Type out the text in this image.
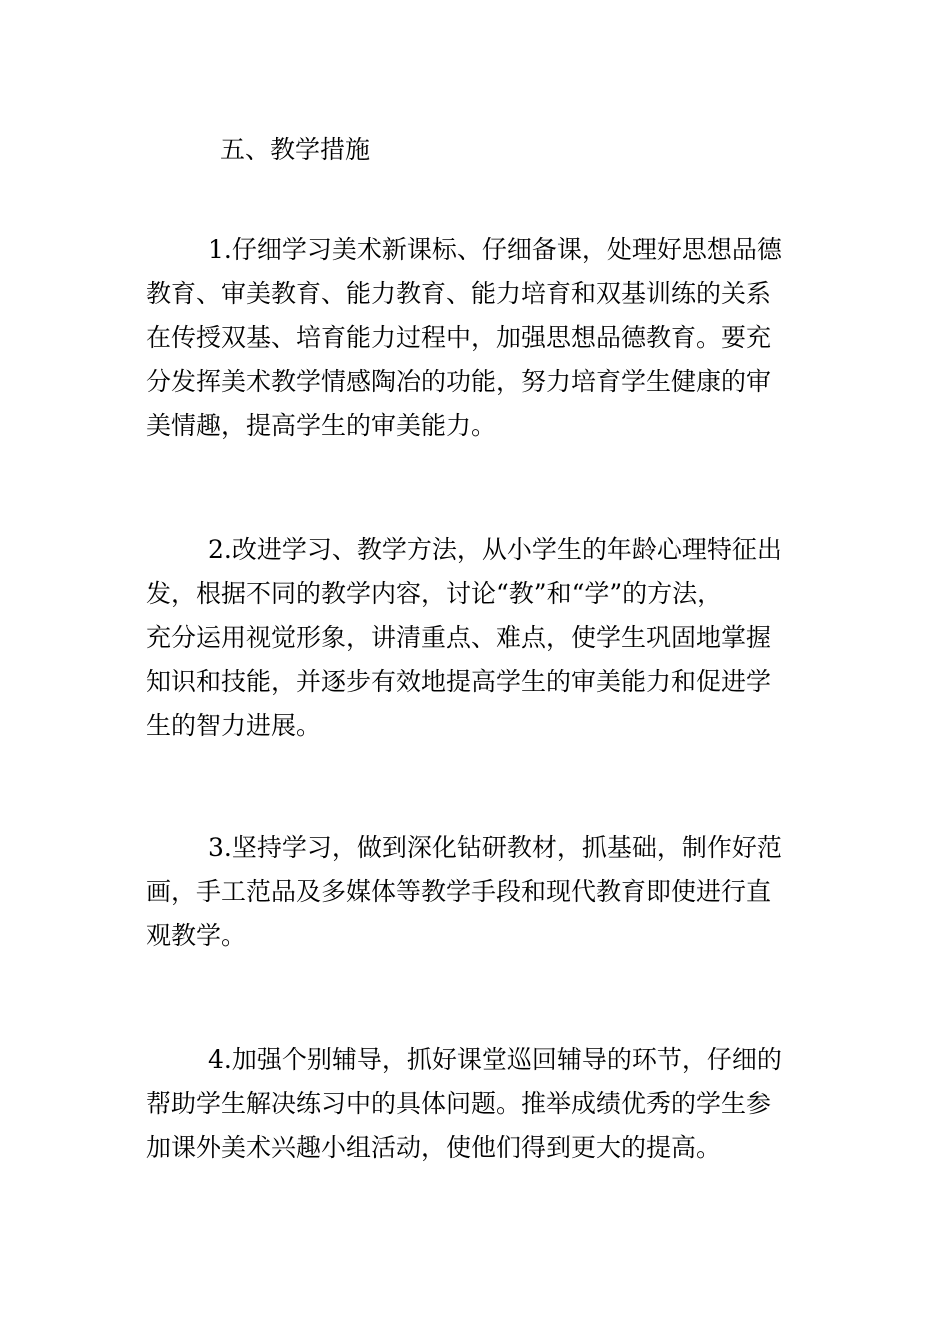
五、教学措施

1.仔细学习美术新课标、仔细备课，处理好思想品德
教育、审美教育、能力教育、能力培育和双基训练的关系
在传授双基、培育能力过程中，加强思想品德教育。要充
分发挥美术教学情感陶冶的功能，努力培育学生健康的审
美情趣，提高学生的审美能力。

2.改进学习、教学方法，从小学生的年龄心理特征出
发，根据不同的教学内容，讨论“教”和“学”的方法，
充分运用视觉形象，讲清重点、难点，使学生巩固地掌握
知识和技能，并逐步有效地提高学生的审美能力和促进学
生的智力进展。

3.坚持学习，做到深化钻研教材，抓基础，制作好范
画，手工范品及多媒体等教学手段和现代教育即使进行直
观教学。

4.加强个别辅导，抓好课堂巡回辅导的环节，仔细的
帮助学生解决练习中的具体问题。推举成绩优秀的学生参
加课外美术兴趣小组活动，使他们得到更大的提高。
